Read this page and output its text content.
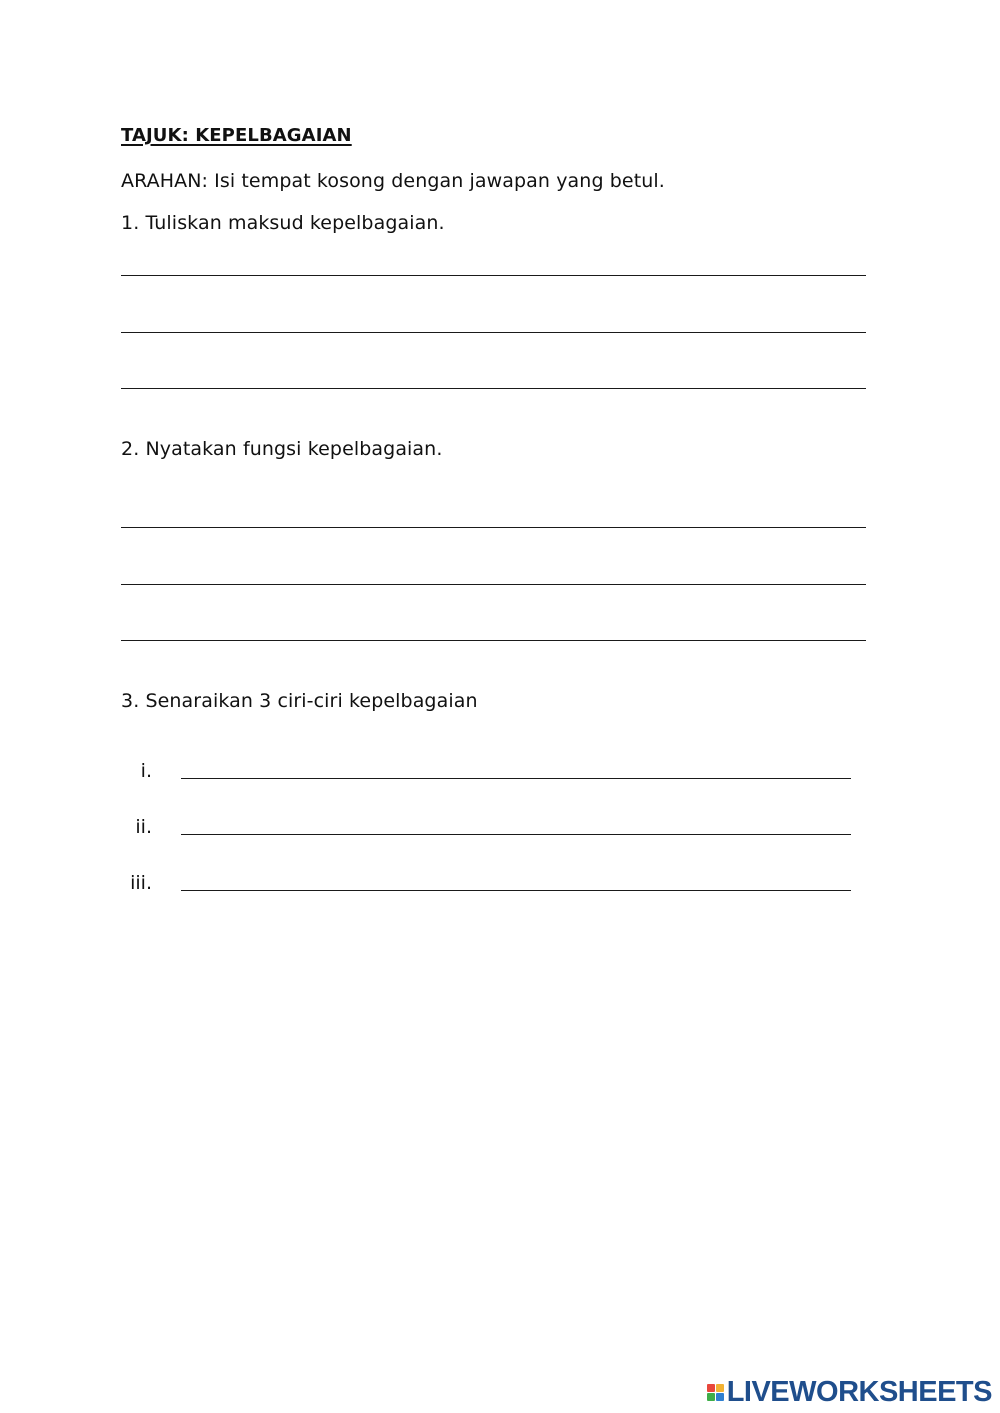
TAJUK: KEPELBAGAIAN
ARAHAN: Isi tempat kosong dengan jawapan yang betul.
1. Tuliskan maksud kepelbagaian.
2. Nyatakan fungsi kepelbagaian.
3. Senaraikan 3 ciri-ciri kepelbagaian
i.
ii.
iii.
LIVEWORKSHEETS
